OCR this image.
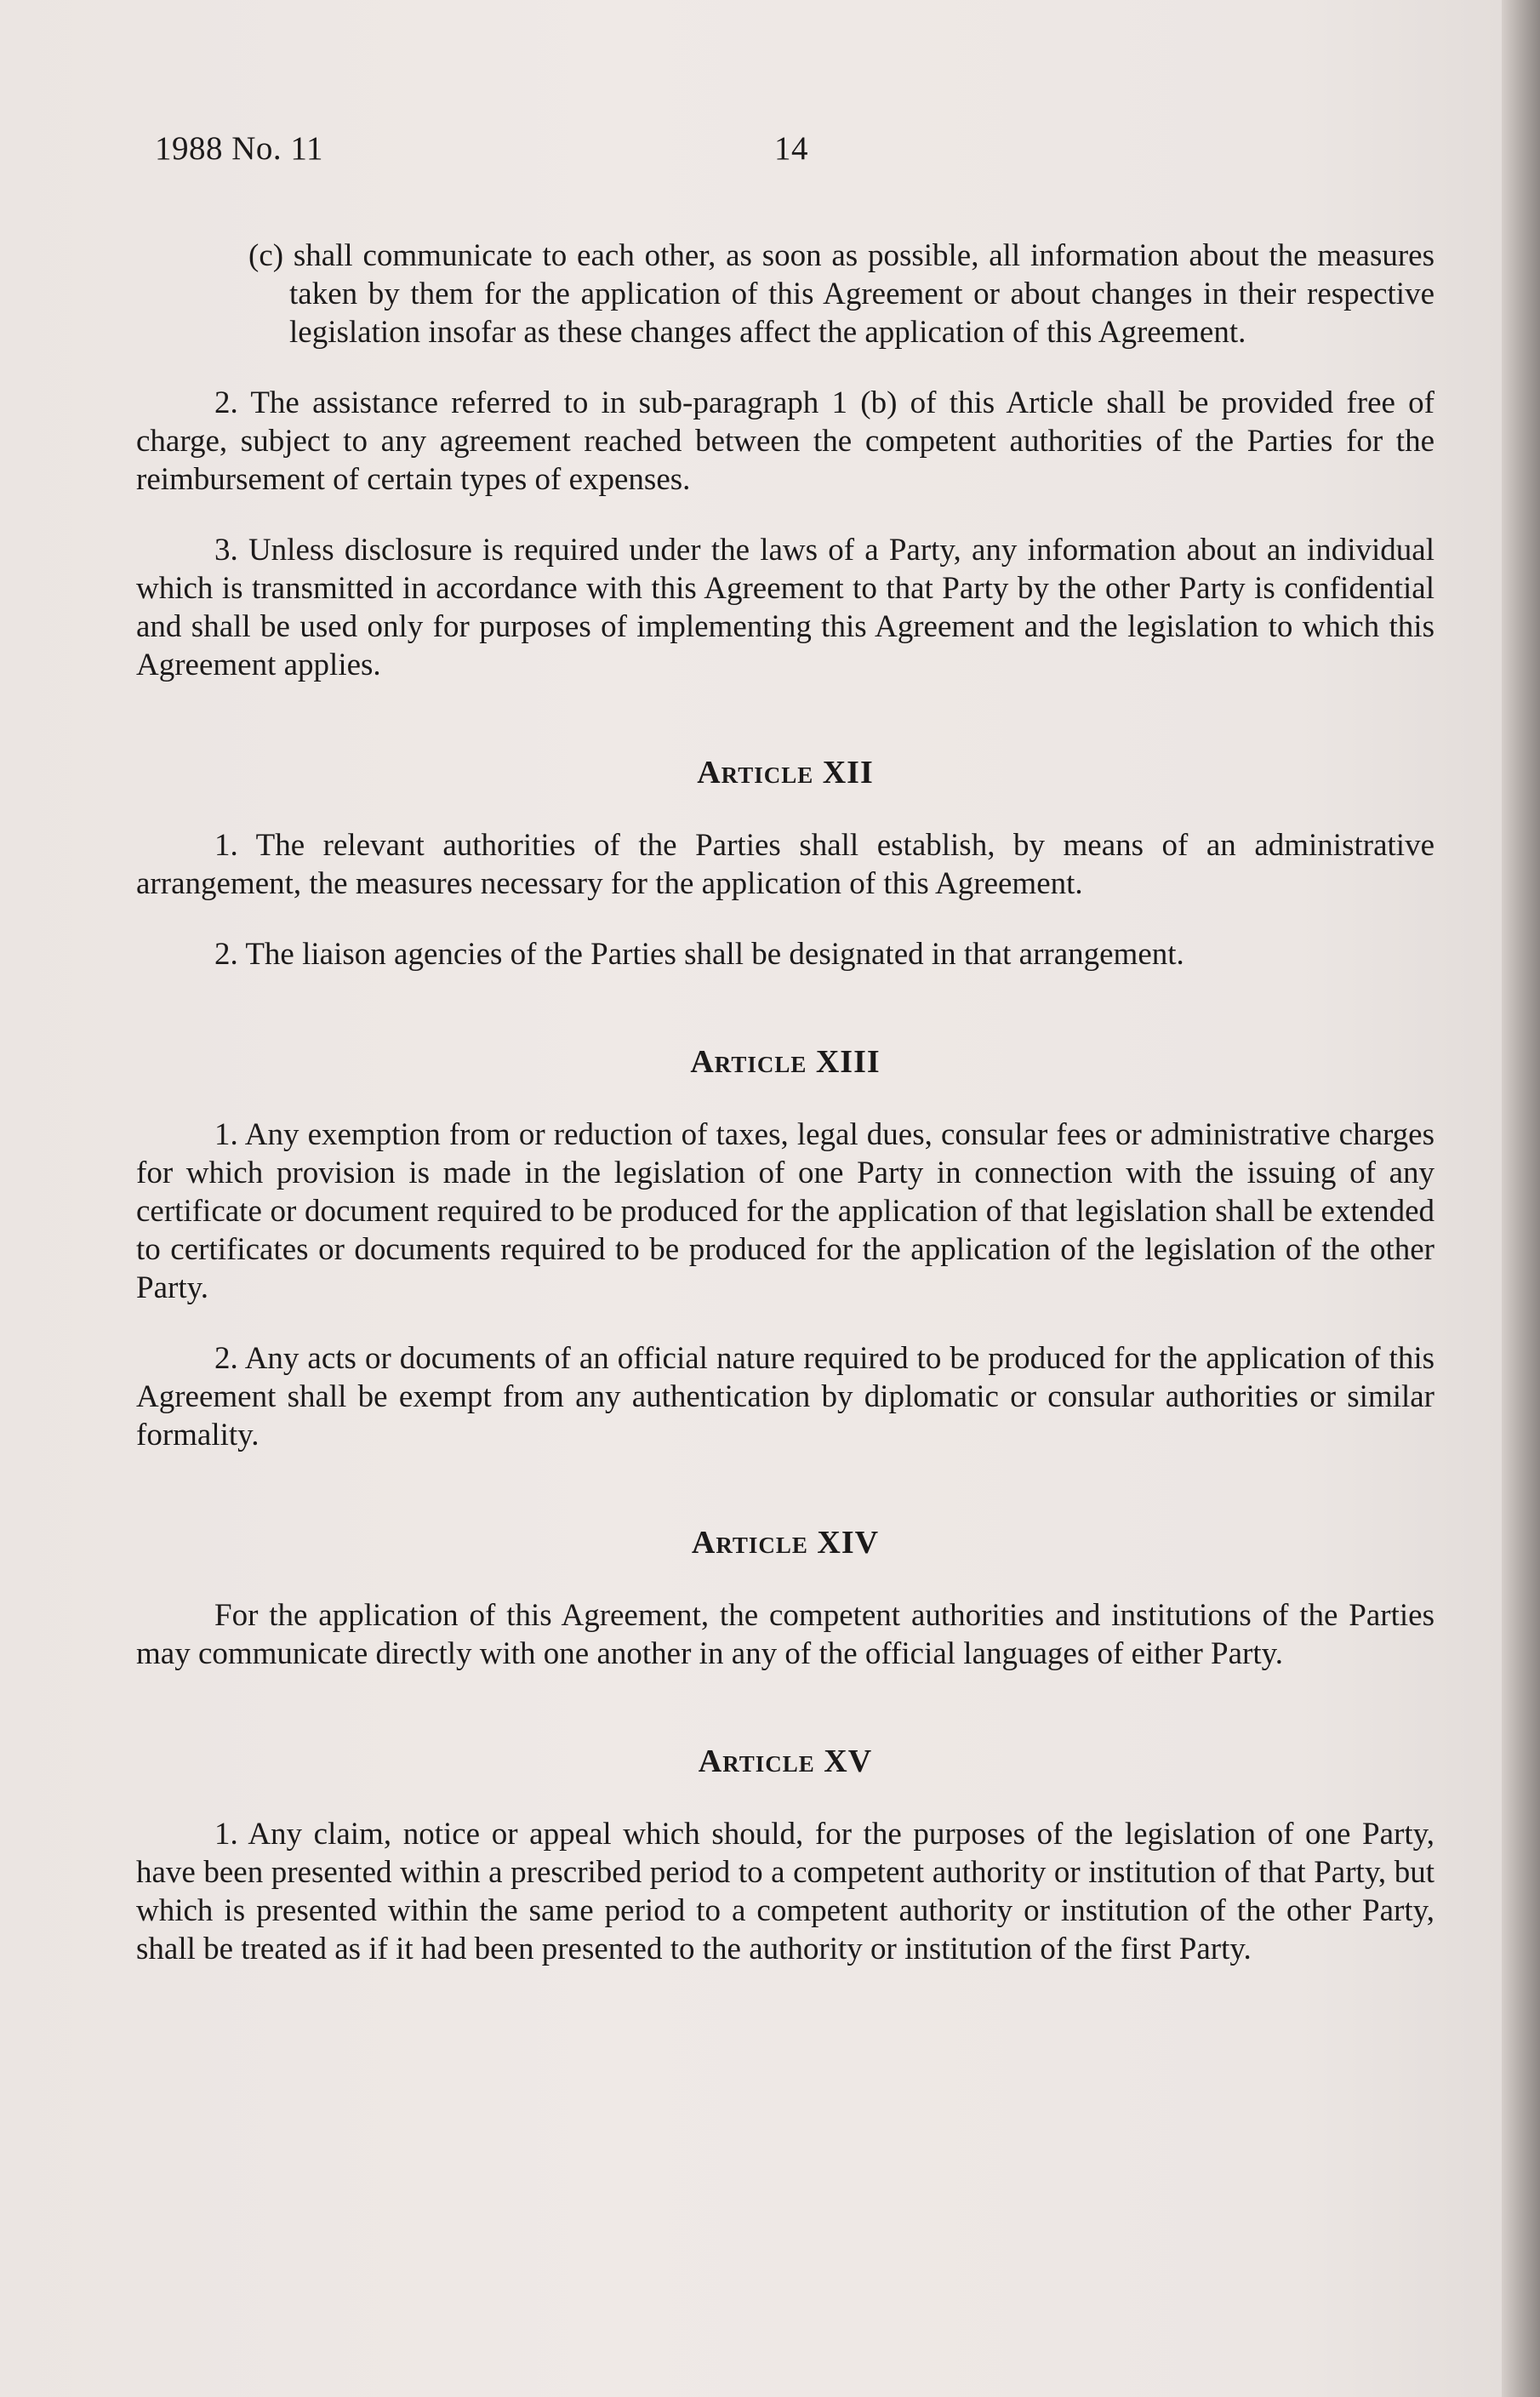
1988 No. 11	14

(c) shall communicate to each other, as soon as possible, all information about the measures taken by them for the application of this Agreement or about changes in their respective legislation insofar as these changes affect the application of this Agreement.

2. The assistance referred to in sub-paragraph 1 (b) of this Article shall be provided free of charge, subject to any agreement reached between the competent authorities of the Parties for the reimbursement of certain types of expenses.

3. Unless disclosure is required under the laws of a Party, any information about an individual which is transmitted in accordance with this Agreement to that Party by the other Party is confidential and shall be used only for purposes of implementing this Agreement and the legislation to which this Agreement applies.

Article XII

1. The relevant authorities of the Parties shall establish, by means of an administrative arrangement, the measures necessary for the application of this Agreement.

2. The liaison agencies of the Parties shall be designated in that arrangement.

Article XIII

1. Any exemption from or reduction of taxes, legal dues, consular fees or administrative charges for which provision is made in the legislation of one Party in connection with the issuing of any certificate or document required to be produced for the application of that legislation shall be extended to certificates or documents required to be produced for the application of the legislation of the other Party.

2. Any acts or documents of an official nature required to be produced for the application of this Agreement shall be exempt from any authentication by diplomatic or consular authorities or similar formality.

Article XIV

For the application of this Agreement, the competent authorities and institutions of the Parties may communicate directly with one another in any of the official languages of either Party.

Article XV

1. Any claim, notice or appeal which should, for the purposes of the legislation of one Party, have been presented within a prescribed period to a competent authority or institution of that Party, but which is presented within the same period to a competent authority or institution of the other Party, shall be treated as if it had been presented to the authority or institution of the first Party.
